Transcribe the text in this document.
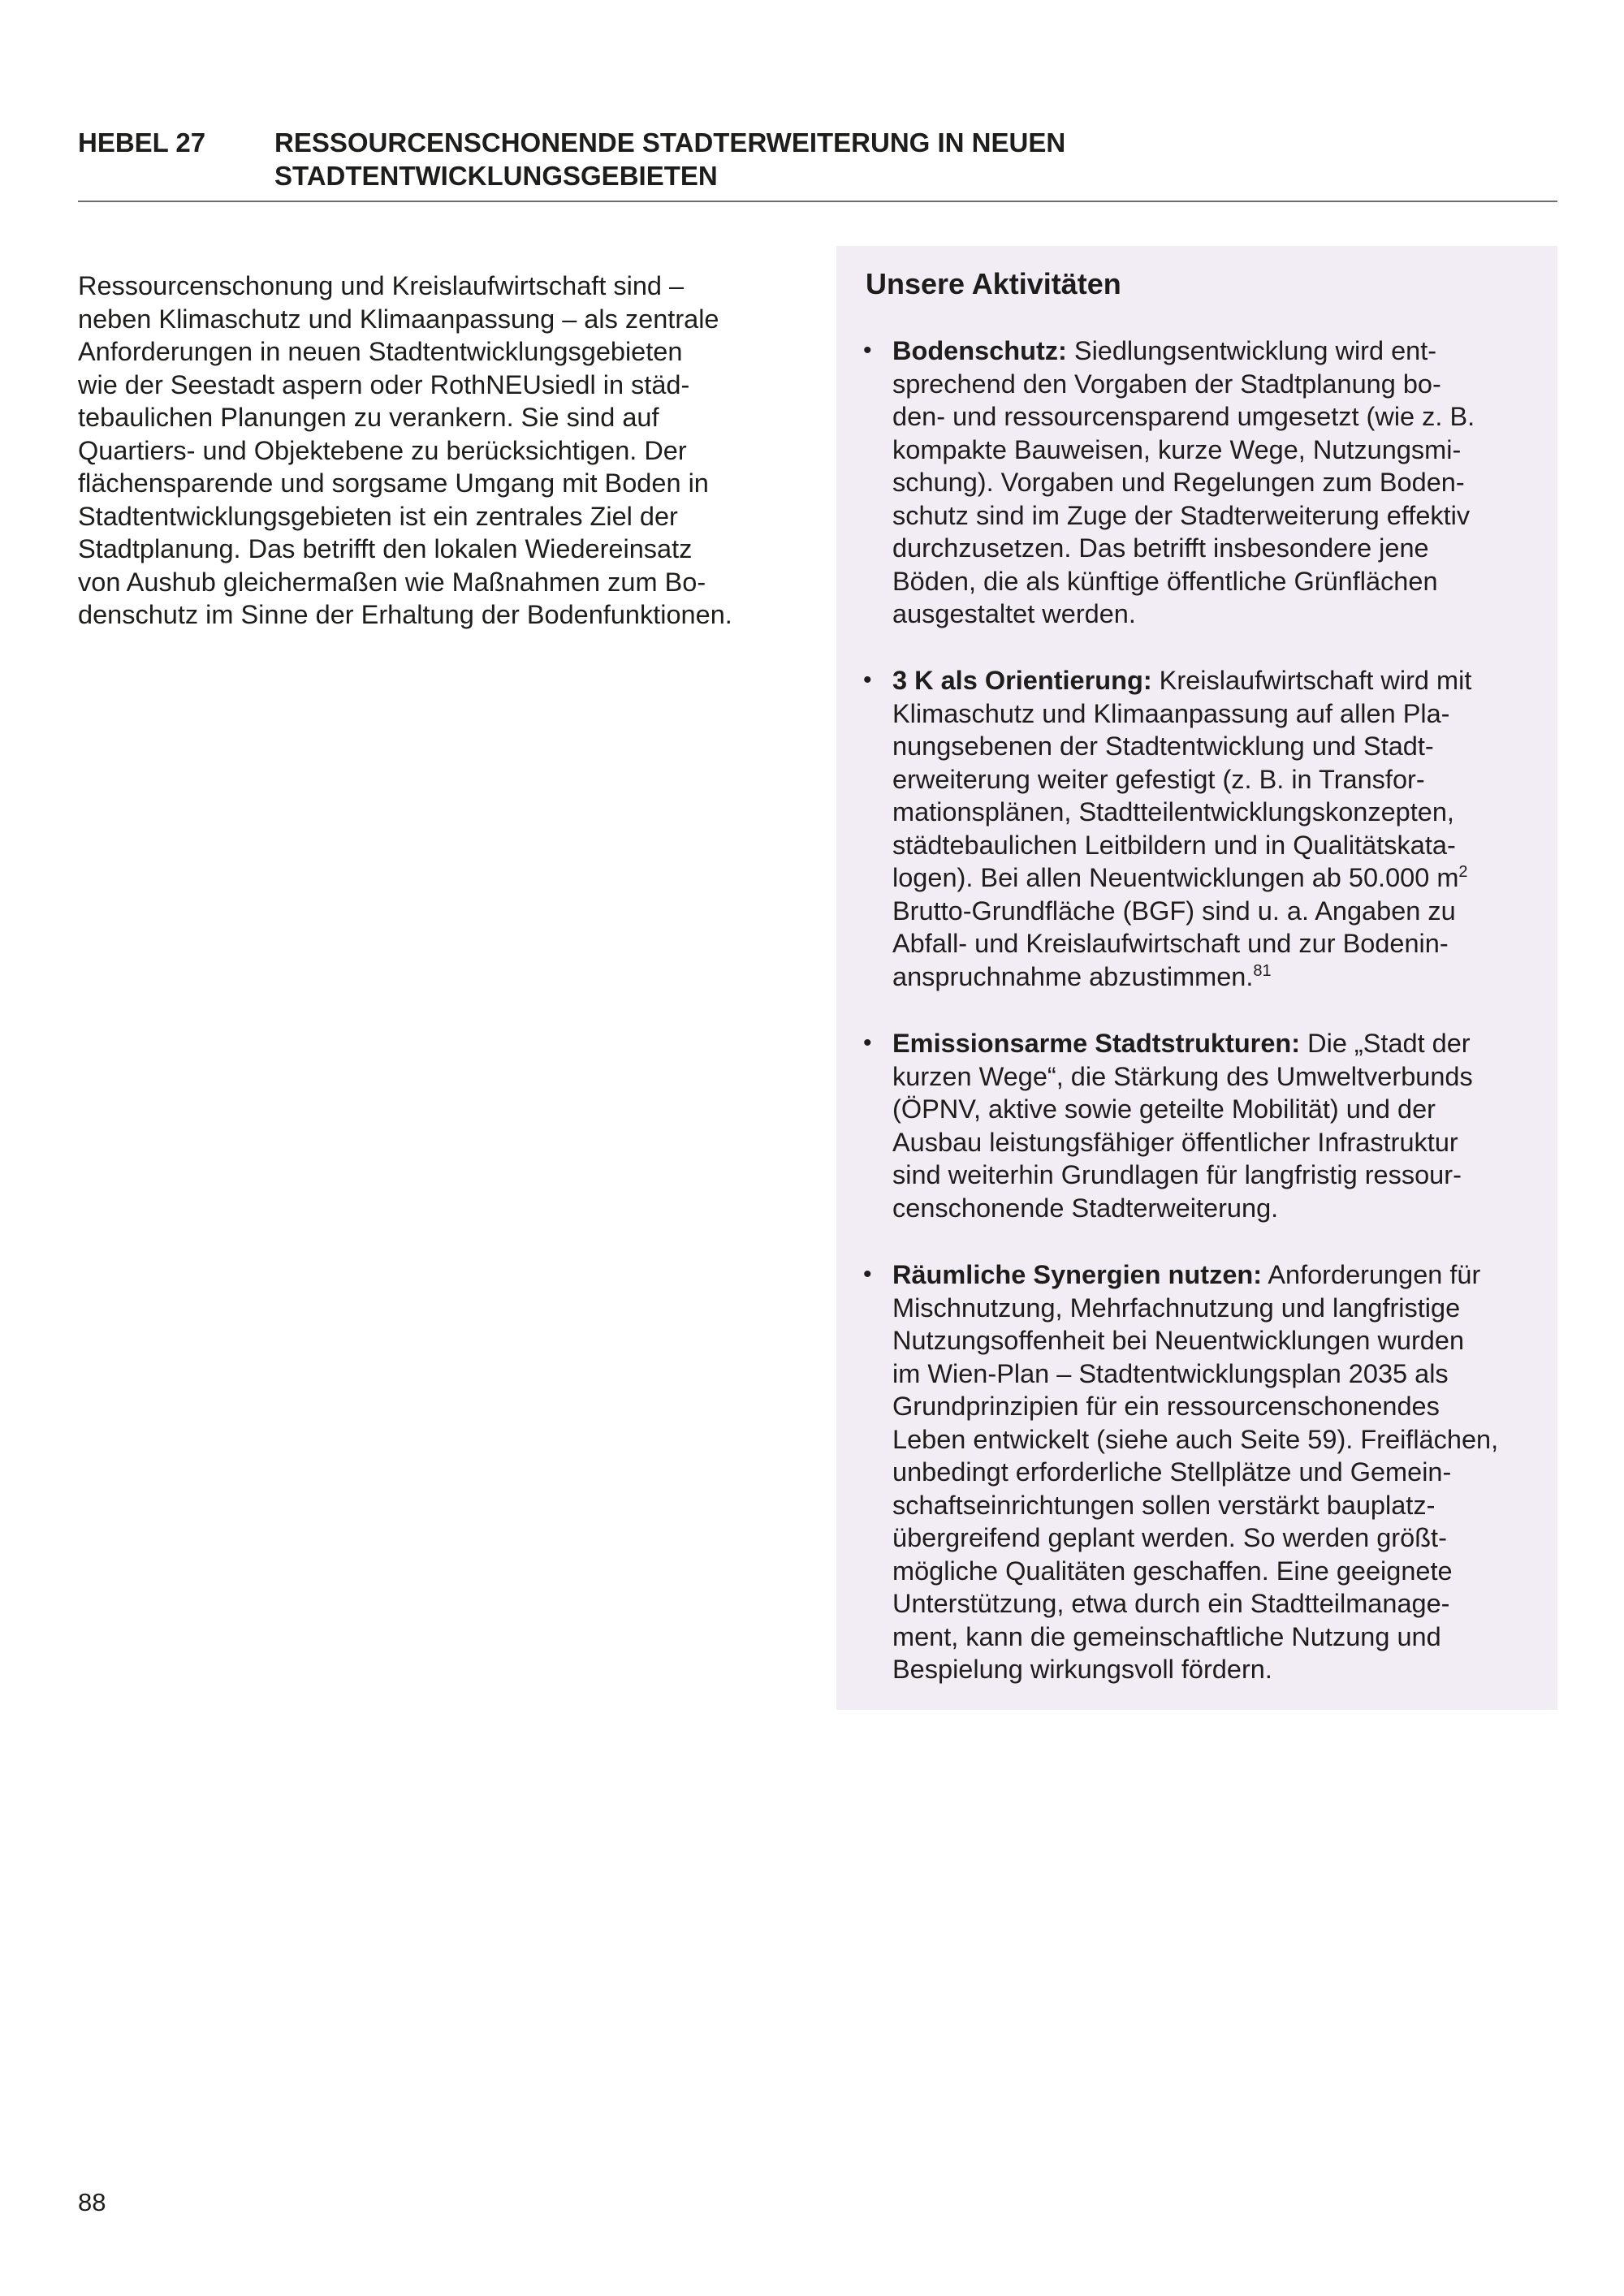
HEBEL 27	RESSOURCENSCHONENDE STADTERWEITERUNG IN NEUEN
STADTENTWICKLUNGSGEBIETEN
Ressourcenschonung und Kreislaufwirtschaft sind –
neben Klimaschutz und Klimaanpassung – als zentrale
Anforderungen in neuen Stadtentwicklungsgebieten
wie der Seestadt aspern oder RothNEUsiedl in städ-
tebaulichen Planungen zu verankern. Sie sind auf
Quartiers- und Objektebene zu berücksichtigen. Der
flächensparende und sorgsame Umgang mit Boden in
Stadtentwicklungsgebieten ist ein zentrales Ziel der
Stadtplanung. Das betrifft den lokalen Wiedereinsatz
von Aushub gleichermaßen wie Maßnahmen zum Bo-
denschutz im Sinne der Erhaltung der Bodenfunktionen.
Unsere Aktivitäten
• Bodenschutz: Siedlungsentwicklung wird ent-
sprechend den Vorgaben der Stadtplanung bo-
den- und ressourcensparend umgesetzt (wie z. B.
kompakte Bauweisen, kurze Wege, Nutzungsmi-
schung). Vorgaben und Regelungen zum Boden-
schutz sind im Zuge der Stadterweiterung effektiv
durchzusetzen. Das betrifft insbesondere jene
Böden, die als künftige öffentliche Grünflächen
ausgestaltet werden.
• 3 K als Orientierung: Kreislaufwirtschaft wird mit
Klimaschutz und Klimaanpassung auf allen Pla-
nungsebenen der Stadtentwicklung und Stadt-
erweiterung weiter gefestigt (z. B. in Transfor-
mationsplänen, Stadtteilentwicklungskonzepten,
städtebaulichen Leitbildern und in Qualitätskata-
logen). Bei allen Neuentwicklungen ab 50.000 $m^2$
Brutto-Grundfläche (BGF) sind u. a. Angaben zu
Abfall- und Kreislaufwirtschaft und zur Bodenin-
anspruchnahme abzustimmen.$^{81}$
• Emissionsarme Stadtstrukturen: Die „Stadt der
kurzen Wege“, die Stärkung des Umweltverbunds
(ÖPNV, aktive sowie geteilte Mobilität) und der
Ausbau leistungsfähiger öffentlicher Infrastruktur
sind weiterhin Grundlagen für langfristig ressour-
censchonende Stadterweiterung.
• Räumliche Synergien nutzen: Anforderungen für
Mischnutzung, Mehrfachnutzung und langfristige
Nutzungsoffenheit bei Neuentwicklungen wurden
im Wien-Plan – Stadtentwicklungsplan 2035 als
Grundprinzipien für ein ressourcenschonendes
Leben entwickelt (siehe auch Seite 59). Freiflächen,
unbedingt erforderliche Stellplätze und Gemein-
schaftseinrichtungen sollen verstärkt bauplatz-
übergreifend geplant werden. So werden größt-
mögliche Qualitäten geschaffen. Eine geeignete
Unterstützung, etwa durch ein Stadtteilmanage-
ment, kann die gemeinschaftliche Nutzung und
Bespielung wirkungsvoll fördern.
88
